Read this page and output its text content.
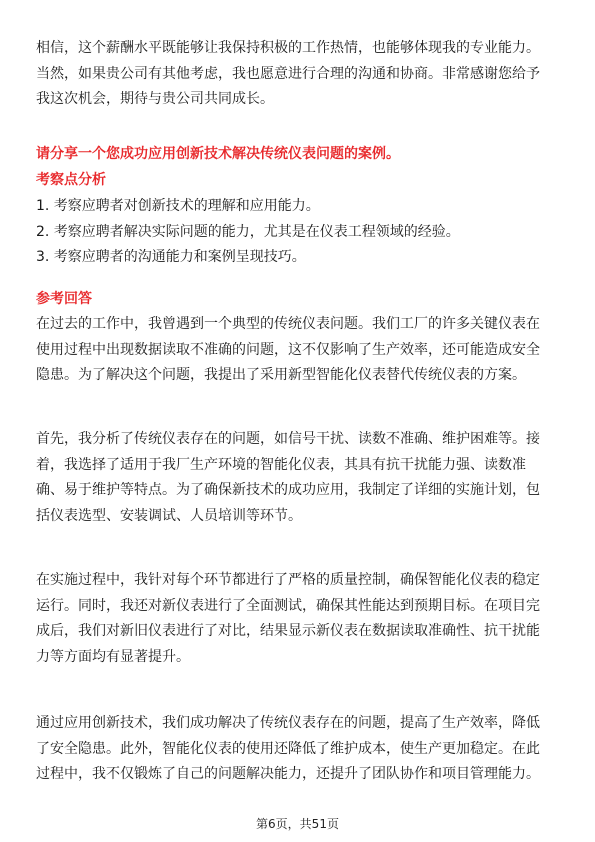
相信，这个薪酬水平既能够让我保持积极的工作热情，也能够体现我的专业能力。
当然，如果贵公司有其他考虑，我也愿意进行合理的沟通和协商。非常感谢您给予
我这次机会，期待与贵公司共同成长。
请分享一个您成功应用创新技术解决传统仪表问题的案例。
考察点分析
1. 考察应聘者对创新技术的理解和应用能力。
2. 考察应聘者解决实际问题的能力，尤其是在仪表工程领域的经验。
3. 考察应聘者的沟通能力和案例呈现技巧。
参考回答
在过去的工作中，我曾遇到一个典型的传统仪表问题。我们工厂的许多关键仪表在
使用过程中出现数据读取不准确的问题，这不仅影响了生产效率，还可能造成安全
隐患。为了解决这个问题，我提出了采用新型智能化仪表替代传统仪表的方案。
首先，我分析了传统仪表存在的问题，如信号干扰、读数不准确、维护困难等。接
着，我选择了适用于我厂生产环境的智能化仪表，其具有抗干扰能力强、读数准
确、易于维护等特点。为了确保新技术的成功应用，我制定了详细的实施计划，包
括仪表选型、安装调试、人员培训等环节。
在实施过程中，我针对每个环节都进行了严格的质量控制，确保智能化仪表的稳定
运行。同时，我还对新仪表进行了全面测试，确保其性能达到预期目标。在项目完
成后，我们对新旧仪表进行了对比，结果显示新仪表在数据读取准确性、抗干扰能
力等方面均有显著提升。
通过应用创新技术，我们成功解决了传统仪表存在的问题，提高了生产效率，降低
了安全隐患。此外，智能化仪表的使用还降低了维护成本，使生产更加稳定。在此
过程中，我不仅锻炼了自己的问题解决能力，还提升了团队协作和项目管理能力。
第6页，共51页
